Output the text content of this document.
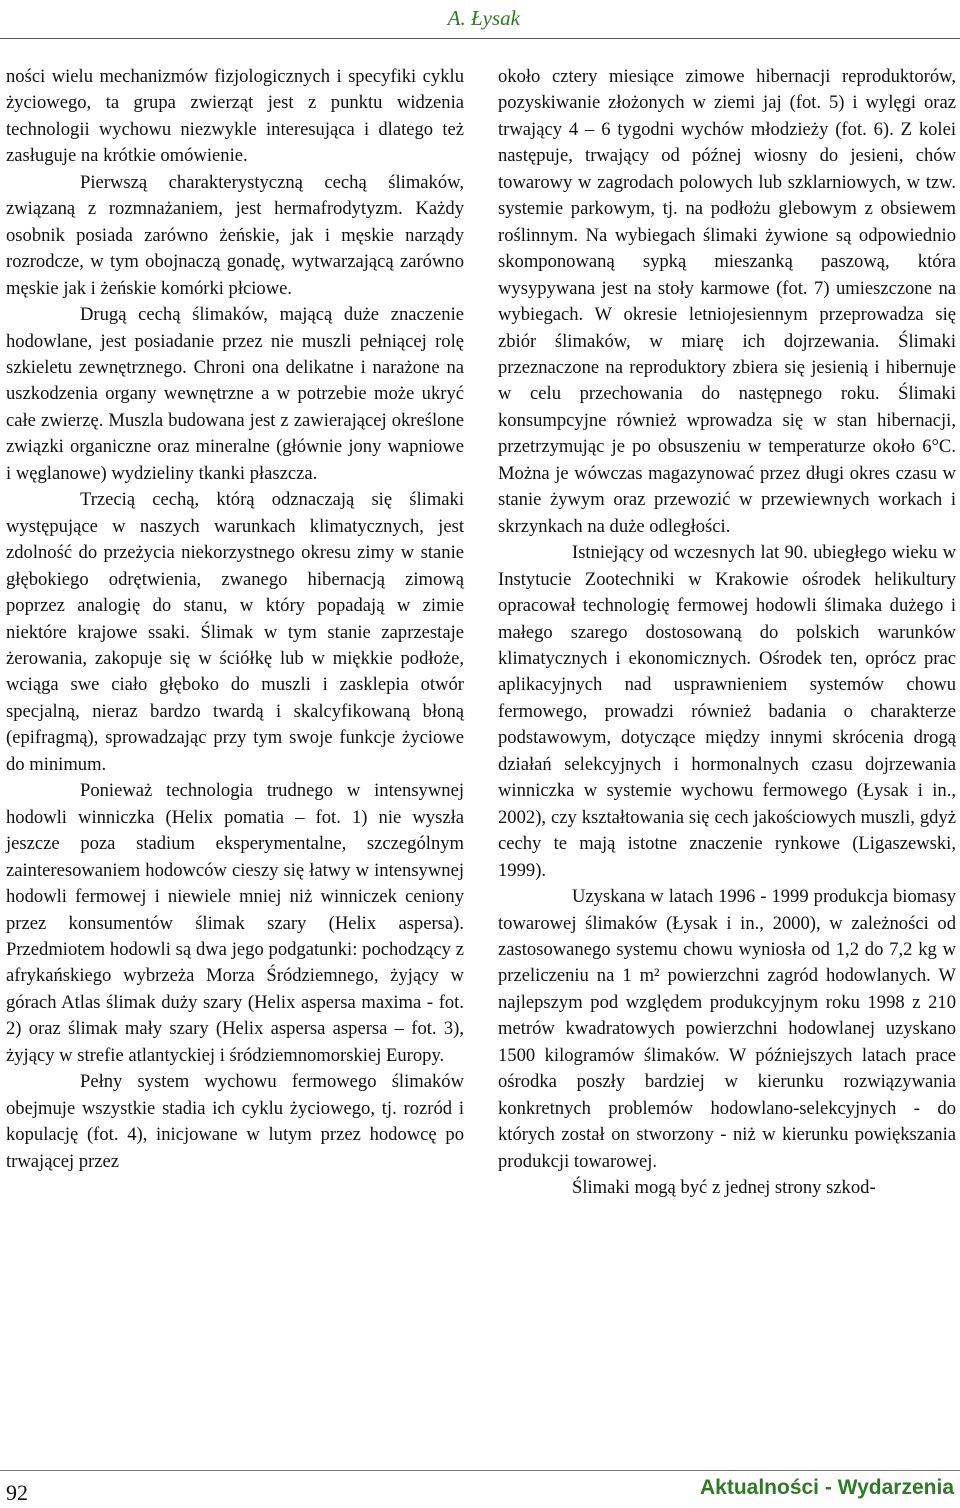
A. Łysak

ności wielu mechanizmów fizjologicznych i specyfiki cyklu życiowego, ta grupa zwierząt jest z punktu widzenia technologii wychowu niezwykle interesująca i dlatego też zasługuje na krótkie omówienie.

Pierwszą charakterystyczną cechą ślimaków, związaną z rozmnażaniem, jest hermafrodytyzm. Każdy osobnik posiada zarówno żeńskie, jak i męskie narządy rozrodcze, w tym obojnaczą gonadę, wytwarzającą zarówno męskie jak i żeńskie komórki płciowe.

Drugą cechą ślimaków, mającą duże znaczenie hodowlane, jest posiadanie przez nie muszli pełniącej rolę szkieletu zewnętrznego. Chroni ona delikatne i narażone na uszkodzenia organy wewnętrzne a w potrzebie może ukryć całe zwierzę. Muszla budowana jest z zawierającej określone związki organiczne oraz mineralne (głównie jony wapniowe i węglanowe) wydzieliny tkanki płaszcza.

Trzecią cechą, którą odznaczają się ślimaki występujące w naszych warunkach klimatycznych, jest zdolność do przeżycia niekorzystnego okresu zimy w stanie głębokiego odrętwienia, zwanego hibernacją zimową poprzez analogię do stanu, w który popadają w zimie niektóre krajowe ssaki. Ślimak w tym stanie zaprzestaje żerowania, zakopuje się w ściółkę lub w miękkie podłoże, wciąga swe ciało głęboko do muszli i zasklepia otwór specjalną, nieraz bardzo twardą i skalcyfikowaną błoną (epifragmą), sprowadzając przy tym swoje funkcje życiowe do minimum.

Ponieważ technologia trudnego w intensywnej hodowli winniczka (Helix pomatia – fot. 1) nie wyszła jeszcze poza stadium eksperymentalne, szczególnym zainteresowaniem hodowców cieszy się łatwy w intensywnej hodowli fermowej i niewiele mniej niż winniczek ceniony przez konsumentów ślimak szary (Helix aspersa). Przedmiotem hodowli są dwa jego podgatunki: pochodzący z afrykańskiego wybrzeża Morza Śródziemnego, żyjący w górach Atlas ślimak duży szary (Helix aspersa maxima - fot. 2) oraz ślimak mały szary (Helix aspersa aspersa – fot. 3), żyjący w strefie atlantyckiej i śródziemnomorskiej Europy.

Pełny system wychowu fermowego ślimaków obejmuje wszystkie stadia ich cyklu życiowego, tj. rozród i kopulację (fot. 4), inicjowane w lutym przez hodowcę po trwającej przez

około cztery miesiące zimowe hibernacji reproduktorów, pozyskiwanie złożonych w ziemi jaj (fot. 5) i wylęgi oraz trwający 4 – 6 tygodni wychów młodzieży (fot. 6). Z kolei następuje, trwający od późnej wiosny do jesieni, chów towarowy w zagrodach polowych lub szklarniowych, w tzw. systemie parkowym, tj. na podłożu glebowym z obsiewem roślinnym. Na wybiegach ślimaki żywione są odpowiednio skomponowaną sypką mieszanką paszową, która wysypywana jest na stoły karmowe (fot. 7) umieszczone na wybiegach. W okresie letniojesiennym przeprowadza się zbiór ślimaków, w miarę ich dojrzewania. Ślimaki przeznaczone na reproduktory zbiera się jesienią i hibernuje w celu przechowania do następnego roku. Ślimaki konsumpcyjne również wprowadza się w stan hibernacji, przetrzymując je po obsuszeniu w temperaturze około 6°C. Można je wówczas magazynować przez długi okres czasu w stanie żywym oraz przewozić w przewiewnych workach i skrzynkach na duże odległości.

Istniejący od wczesnych lat 90. ubiegłego wieku w Instytucie Zootechniki w Krakowie ośrodek helikultury opracował technologię fermowej hodowli ślimaka dużego i małego szarego dostosowaną do polskich warunków klimatycznych i ekonomicznych. Ośrodek ten, oprócz prac aplikacyjnych nad usprawnieniem systemów chowu fermowego, prowadzi również badania o charakterze podstawowym, dotyczące między innymi skrócenia drogą działań selekcyjnych i hormonalnych czasu dojrzewania winniczka w systemie wychowu fermowego (Łysak i in., 2002), czy kształtowania się cech jakościowych muszli, gdyż cechy te mają istotne znaczenie rynkowe (Ligaszewski, 1999).

Uzyskana w latach 1996 - 1999 produkcja biomasy towarowej ślimaków (Łysak i in., 2000), w zależności od zastosowanego systemu chowu wyniosła od 1,2 do 7,2 kg w przeliczeniu na 1 m² powierzchni zagród hodowlanych. W najlepszym pod względem produkcyjnym roku 1998 z 210 metrów kwadratowych powierzchni hodowlanej uzyskano 1500 kilogramów ślimaków. W późniejszych latach prace ośrodka poszły bardziej w kierunku rozwiązywania konkretnych problemów hodowlano-selekcyjnych - do których został on stworzony - niż w kierunku powiększania produkcji towarowej.

Ślimaki mogą być z jednej strony szkod-

92	Aktualności - Wydarzenia
